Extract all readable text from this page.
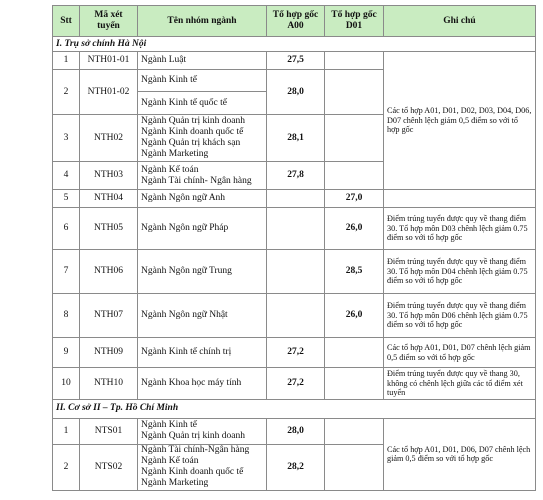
Stt	Mã xét tuyển	Tên nhóm ngành	Tổ hợp gốc A00	Tổ hợp gốc D01	Ghi chú
I. Trụ sở chính Hà Nội					
1	NTH01-01	Ngành Luật	27,5		Các tổ hợp A01, D01, D02, D03, D04, D06, D07 chênh lệch giảm 0,5 điểm so với tổ hợp gốc
2	NTH01-02	Ngành Kinh tế
Ngành Kinh tế quốc tế	28,0		
3	NTH02	Ngành Quản trị kinh doanh
Ngành Kinh doanh quốc tế
Ngành Quản trị khách sạn
Ngành Marketing	28,1		
4	NTH03	Ngành Kế toán
Ngành Tài chính- Ngân hàng	27,8		
5	NTH04	Ngành Ngôn ngữ Anh		27,0	
6	NTH05	Ngành Ngôn ngữ Pháp		26,0	Điểm trúng tuyển được quy về thang điểm 30. Tổ hợp môn D03 chênh lệch giảm 0.75 điểm so với tổ hợp gốc
7	NTH06	Ngành Ngôn ngữ Trung		28,5	Điểm trúng tuyển được quy về thang điểm 30. Tổ hợp môn D04 chênh lệch giảm 0.75 điểm so với tổ hợp gốc
8	NTH07	Ngành Ngôn ngữ Nhật		26,0	Điểm trúng tuyển được quy về thang điểm 30. Tổ hợp môn D06 chênh lệch giảm 0.75 điểm so với tổ hợp gốc
9	NTH09	Ngành Kinh tế chính trị	27,2		Các tổ hợp A01, D01, D07 chênh lệch giảm 0,5 điểm so với tổ hợp gốc
10	NTH10	Ngành Khoa học máy tính	27,2		Điểm trúng tuyển được quy về thang 30, không có chênh lệch giữa các tổ điểm xét tuyển
II. Cơ sở II – Tp. Hồ Chí Minh					
1	NTS01	Ngành Kinh tế
Ngành Quản trị kinh doanh	28,0		Các tổ hợp A01, D01, D06, D07 chênh lệch giảm 0,5 điểm so với tổ hợp gốc
2	NTS02	Ngành Tài chính-Ngân hàng
Ngành Kế toán
Ngành Kinh doanh quốc tế
Ngành Marketing	28,2		
